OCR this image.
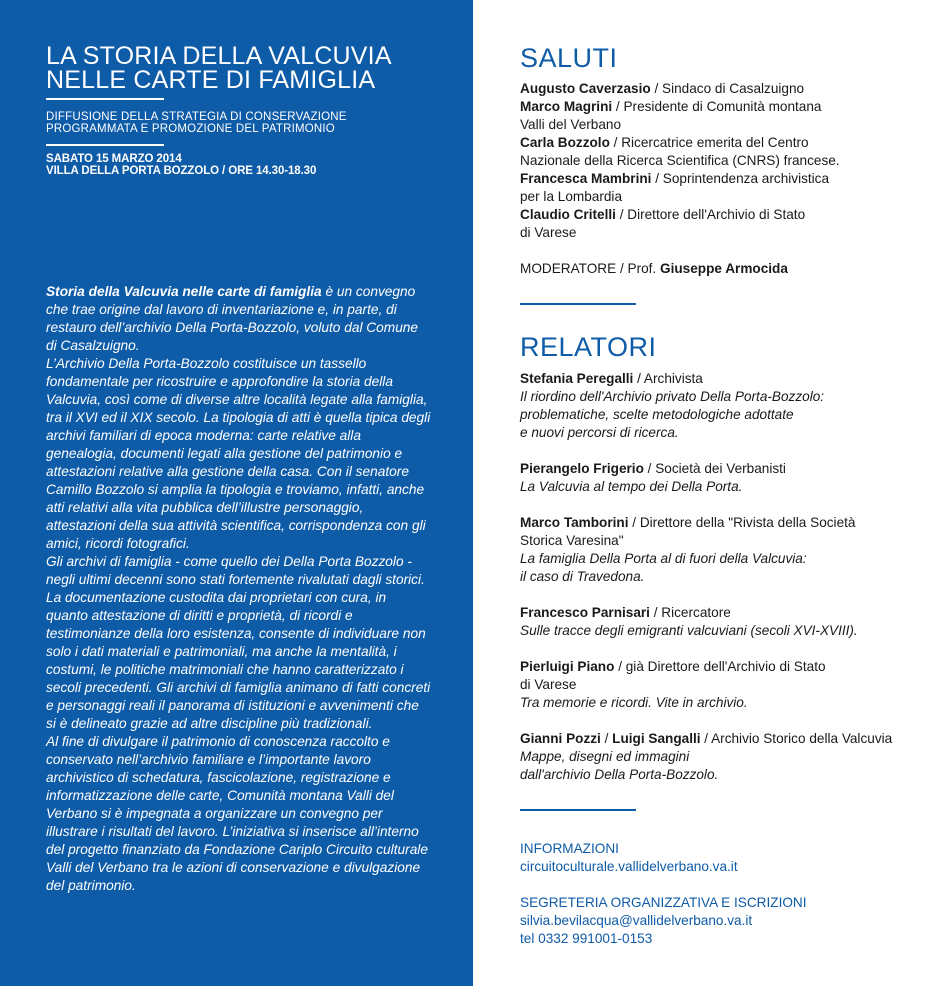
LA STORIA DELLA VALCUVIA
NELLE CARTE DI FAMIGLIA
DIFFUSIONE DELLA STRATEGIA DI CONSERVAZIONE
PROGRAMMATA E PROMOZIONE DEL PATRIMONIO
SABATO 15 MARZO 2014
VILLA DELLA PORTA BOZZOLO / ORE 14.30-18.30

Storia della Valcuvia nelle carte di famiglia è un convegno che trae origine dal lavoro di inventariazione e, in parte, di restauro dell’archivio Della Porta-Bozzolo, voluto dal Comune di Casalzuigno.

L’Archivio Della Porta-Bozzolo costituisce un tassello fondamentale per ricostruire e approfondire la storia della Valcuvia, così come di diverse altre località legate alla famiglia, tra il XVI ed il XIX secolo. La tipologia di atti è quella tipica degli archivi familiari di epoca moderna: carte relative alla genealogia, documenti legati alla gestione del patrimonio e attestazioni relative alla gestione della casa. Con il senatore Camillo Bozzolo si amplia la tipologia e troviamo, infatti, anche atti relativi alla vita pubblica dell’illustre personaggio, attestazioni della sua attività scientifica, corrispondenza con gli amici, ricordi fotografici.

Gli archivi di famiglia - come quello dei Della Porta Bozzolo - negli ultimi decenni sono stati fortemente rivalutati dagli storici. La documentazione custodita dai proprietari con cura, in quanto attestazione di diritti e proprietà, di ricordi e testimonianze della loro esistenza, consente di individuare non solo i dati materiali e patrimoniali, ma anche la mentalità, i costumi, le politiche matrimoniali che hanno caratterizzato i secoli precedenti. Gli archivi di famiglia animano di fatti concreti e personaggi reali il panorama di istituzioni e avvenimenti che si è delineato grazie ad altre discipline più tradizionali.

Al fine di divulgare il patrimonio di conoscenza raccolto e conservato nell’archivio familiare e l’importante lavoro archivistico di schedatura, fascicolazione, registrazione e informatizzazione delle carte, Comunità montana Valli del Verbano si è impegnata a organizzare un convegno per illustrare i risultati del lavoro. L’iniziativa si inserisce all’interno del progetto finanziato da Fondazione Cariplo Circuito culturale Valli del Verbano tra le azioni di conservazione e divulgazione del patrimonio.

SALUTI
Augusto Caverzasio / Sindaco di Casalzuigno
Marco Magrini / Presidente di Comunità montana
Valli del Verbano
Carla Bozzolo / Ricercatrice emerita del Centro
Nazionale della Ricerca Scientifica (CNRS) francese.
Francesca Mambrini / Soprintendenza archivistica
per la Lombardia
Claudio Critelli / Direttore dell'Archivio di Stato
di Varese
MODERATORE / Prof. Giuseppe Armocida
RELATORI
Stefania Peregalli / Archivista
Il riordino dell'Archivio privato Della Porta-Bozzolo:
problematiche, scelte metodologiche adottate
e nuovi percorsi di ricerca.
Pierangelo Frigerio / Società dei Verbanisti
La Valcuvia al tempo dei Della Porta.
Marco Tamborini / Direttore della "Rivista della Società
Storica Varesina"
La famiglia Della Porta al di fuori della Valcuvia:
il caso di Travedona.
Francesco Parnisari / Ricercatore
Sulle tracce degli emigranti valcuviani (secoli XVI-XVIII).
Pierluigi Piano / già Direttore dell'Archivio di Stato
di Varese
Tra memorie e ricordi. Vite in archivio.
Gianni Pozzi / Luigi Sangalli / Archivio Storico della Valcuvia
Mappe, disegni ed immagini
dall'archivio Della Porta-Bozzolo.
INFORMAZIONI
circuitoculturale.vallidelverbano.va.it
SEGRETERIA ORGANIZZATIVA E ISCRIZIONI
silvia.bevilacqua@vallidelverbano.va.it
tel 0332 991001-0153
